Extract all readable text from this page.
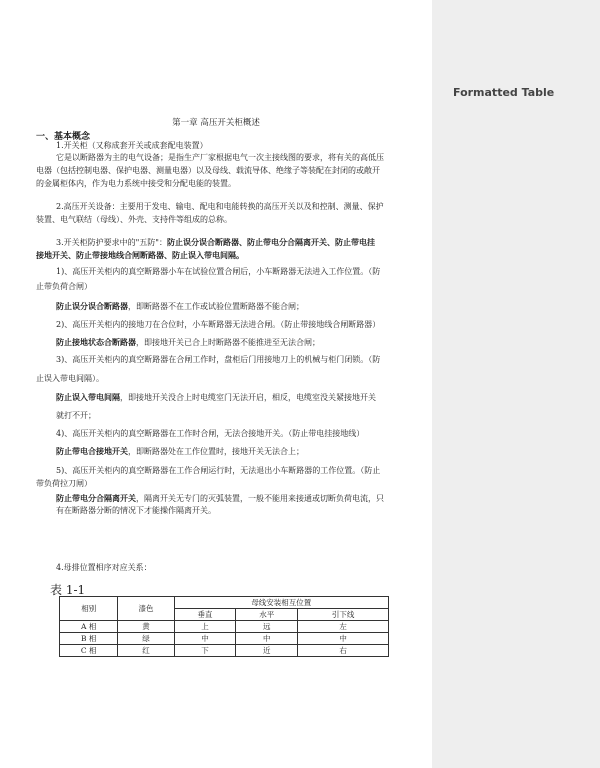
第一章 高压开关柜概述
一、基本概念
1.开关柜（又称成套开关或成套配电装置）
它是以断路器为主的电气设备；是指生产厂家根据电气一次主接线图的要求，将有关的高低压
电器（包括控制电器、保护电器、测量电器）以及母线、载流导体、绝缘子等装配在封闭的或敞开
的金属柜体内，作为电力系统中接受和分配电能的装置。
2.高压开关设备：主要用于发电、输电、配电和电能转换的高压开关以及和控制、测量、保护
装置、电气联结（母线）、外壳、支持件等组成的总称。
3.开关柜防护要求中的"五防"：防止误分误合断路器、防止带电分合隔离开关、防止带电挂
接地开关、防止带接地线合闸断路器、防止误入带电间隔。
1)、高压开关柜内的真空断路器小车在试验位置合闸后，小车断路器无法进入工作位置。（防
止带负荷合闸）
防止误分误合断路器，即断路器不在工作或试验位置断路器不能合闸；
2)、高压开关柜内的接地刀在合位时，小车断路器无法进合闸。（防止带接地线合闸断路器）
防止接地状态合断路器，即接地开关已合上时断路器不能推进至无法合闸；
3)、高压开关柜内的真空断路器在合闸工作时，盘柜后门用接地刀上的机械与柜门闭锁。（防
止误入带电间隔）。
防止误入带电间隔，即接地开关没合上时电缆室门无法开启，相反，电缆室没关紧接地开关
就打不开；
4)、高压开关柜内的真空断路器在工作时合闸，无法合接地开关。（防止带电挂接地线）
防止带电合接地开关，即断路器处在工作位置时，接地开关无法合上；
5)、高压开关柜内的真空断路器在工作合闸运行时，无法退出小车断路器的工作位置。（防止
带负荷拉刀闸）
防止带电分合隔离开关，隔离开关无专门的灭弧装置，一般不能用来接通或切断负荷电流，只
有在断路器分断的情况下才能操作隔离开关。
4.母排位置相序对应关系：
表 1-1
相别	漆色	母线安装相互位置		
		垂直	水平	引下线
A 相	黄	上	远	左
B 相	绿	中	中	中
C 相	红	下	近	右
Formatted Table
